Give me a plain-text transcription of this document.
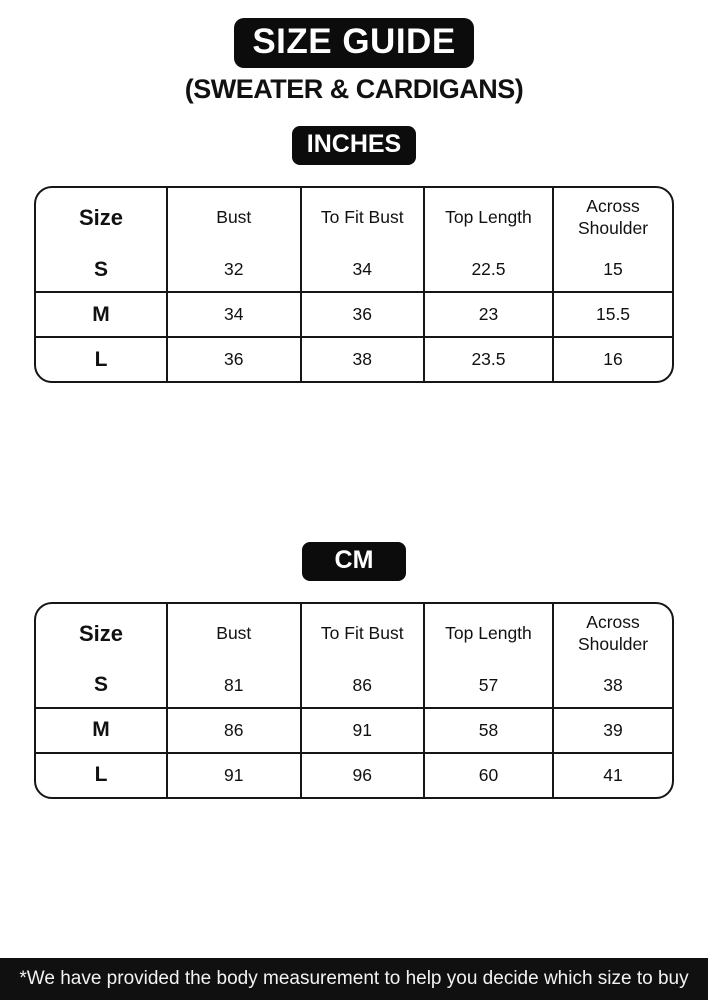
SIZE GUIDE
(SWEATER & CARDIGANS)
INCHES
Size	Bust	To Fit Bust	Top Length	Across Shoulder
S	32	34	22.5	15
M	34	36	23	15.5
L	36	38	23.5	16
CM
Size	Bust	To Fit Bust	Top Length	Across Shoulder
S	81	86	57	38
M	86	91	58	39
L	91	96	60	41
*We have provided the body measurement to help you decide which size to buy
